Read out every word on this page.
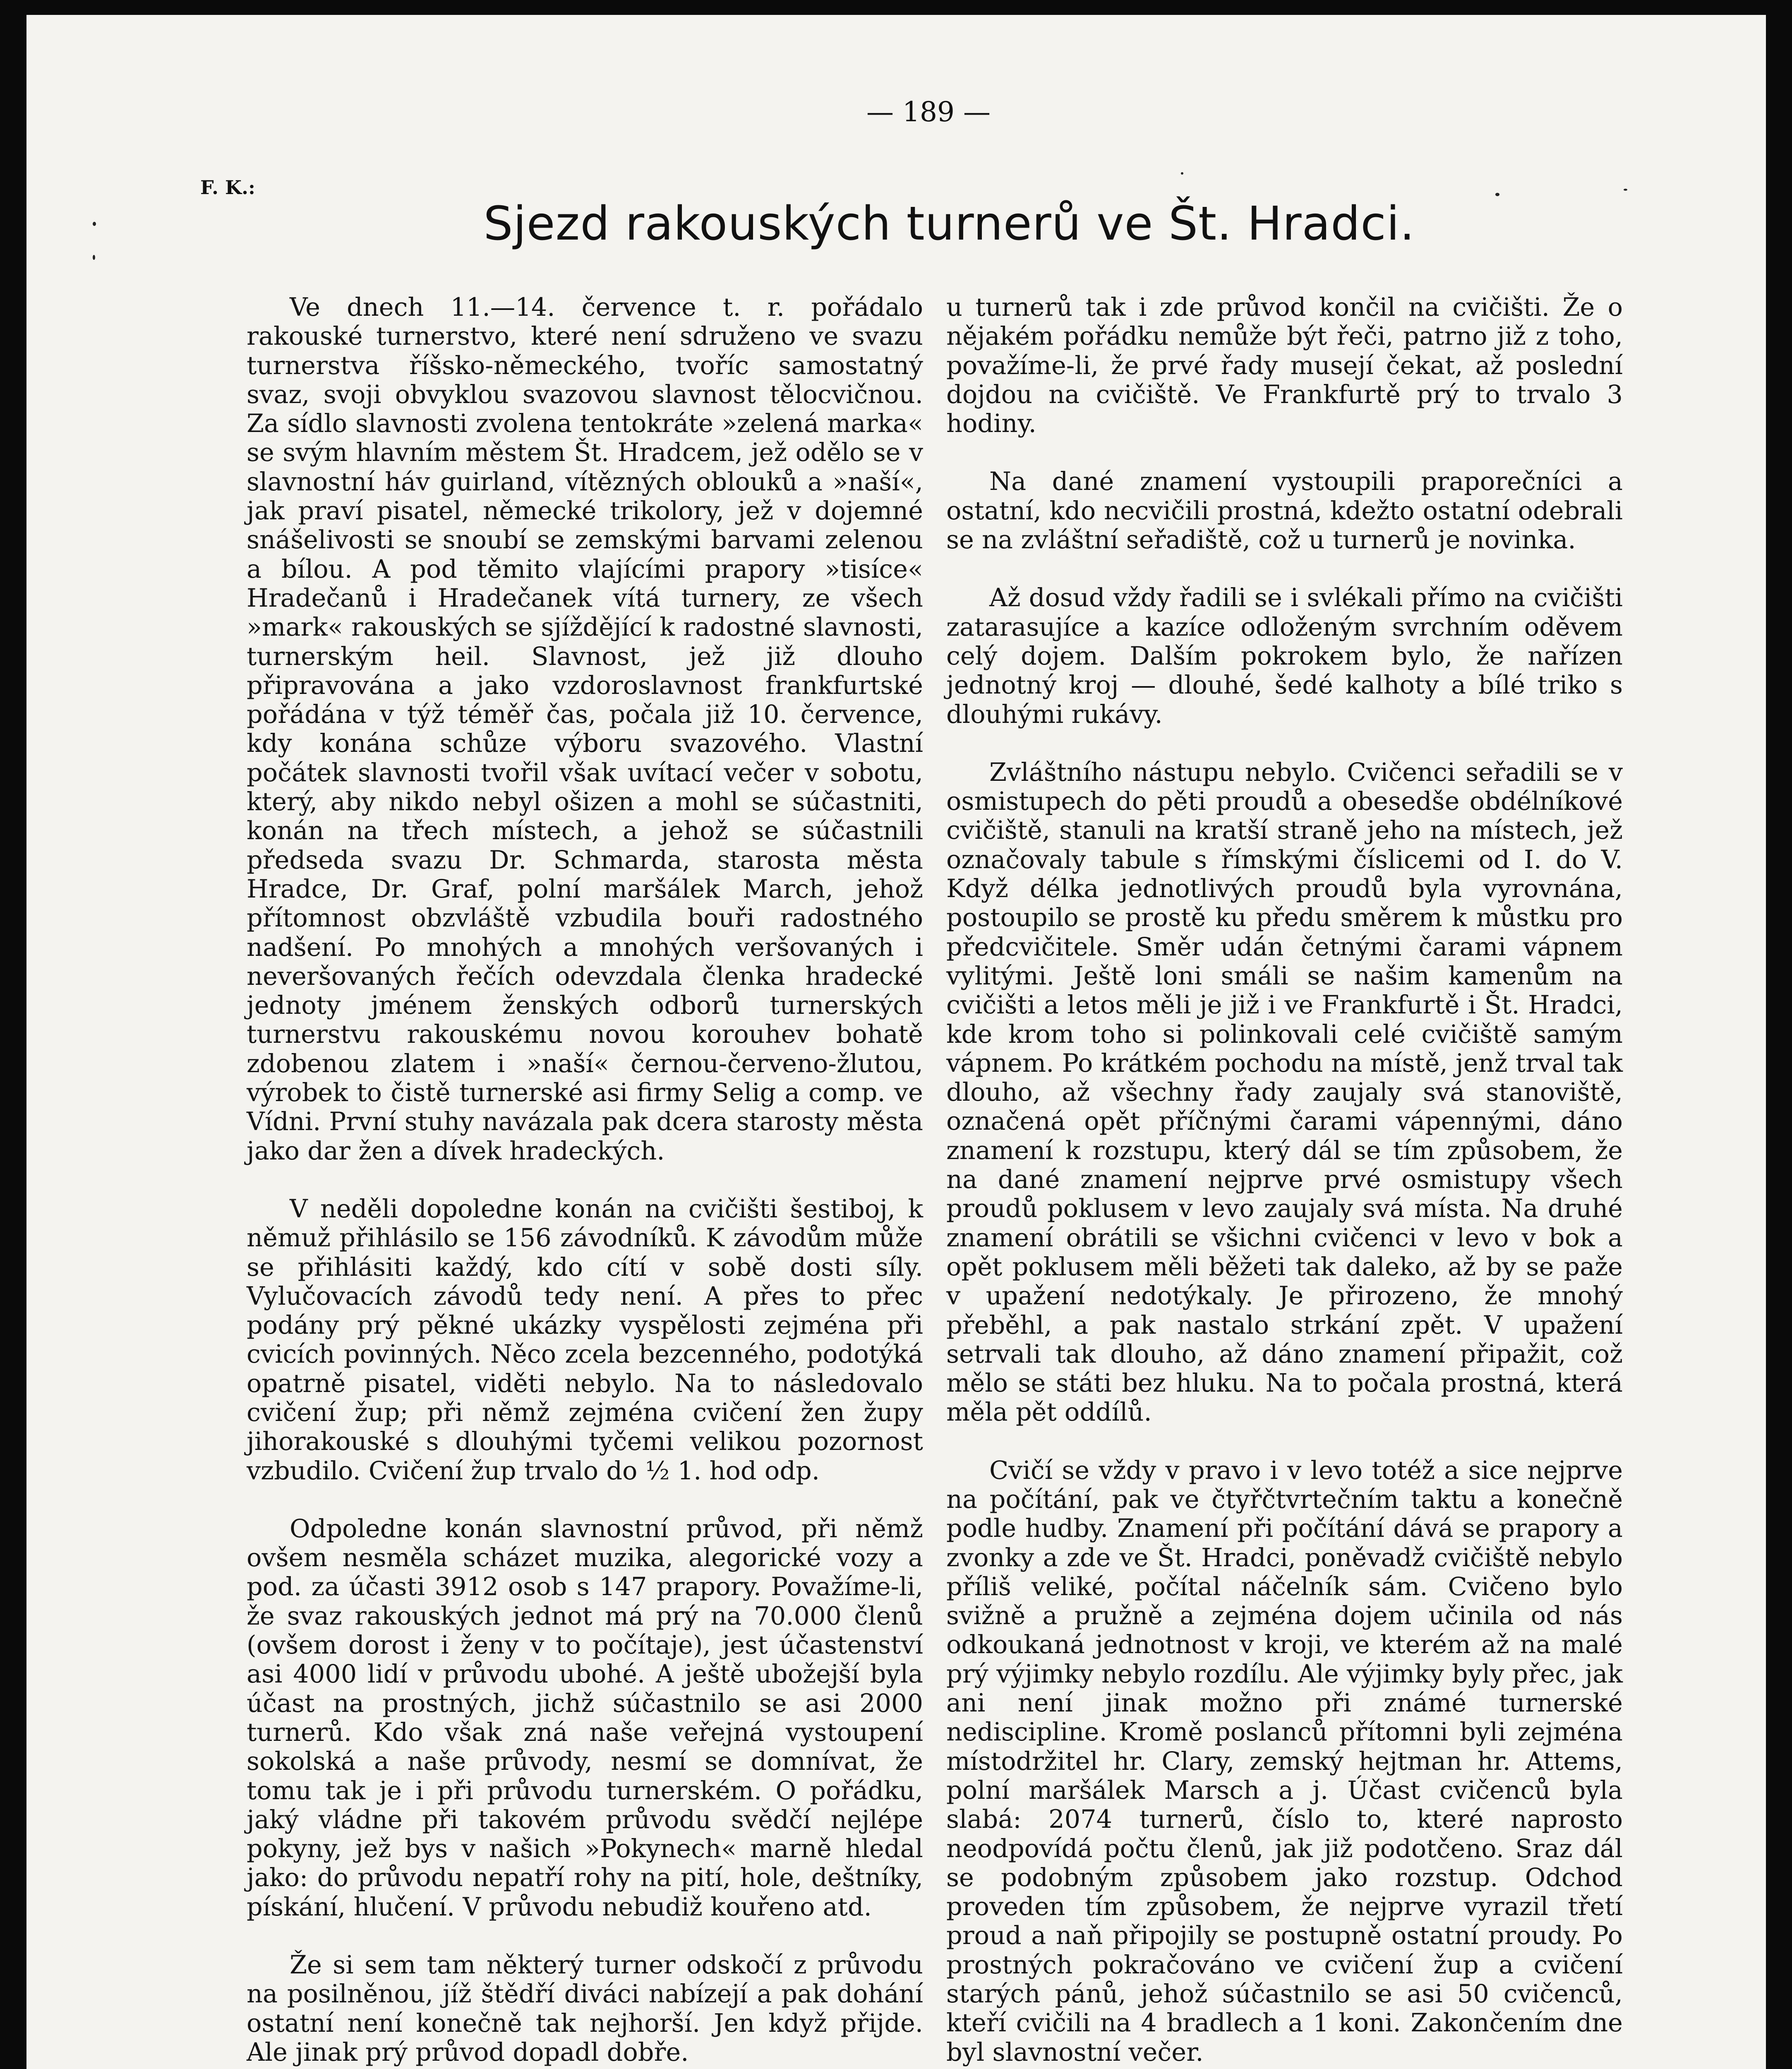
— 189 —
F. K.:
Sjezd rakouských turnerů ve Št. Hradci.

Ve dnech 11.—14. července t. r. pořádalo rakouské turnerstvo, které není sdruženo ve svazu turnerstva říšsko-německého, tvoříc samostatný svaz, svoji obvyklou svazovou slavnost tělocvičnou. Za sídlo slavnosti zvolena tentokráte »zelená marka« se svým hlavním městem Št. Hradcem, jež odělo se v slavnostní háv guirland, vítězných oblouků a »naší«, jak praví pisatel, německé trikolory, jež v dojemné snášelivosti se snoubí se zemskými barvami zelenou a bílou. A pod těmito vlajícími prapory »tisíce« Hradečanů i Hradečanek vítá turnery, ze všech »mark« rakouských se sjíždějící k radostné slavnosti, turnerským heil. Slavnost, jež již dlouho připravována a jako vzdoroslavnost frankfurtské pořádána v týž téměř čas, počala již 10. července, kdy konána schůze výboru svazového. Vlastní počátek slavnosti tvořil však uvítací večer v sobotu, který, aby nikdo nebyl ošizen a mohl se súčastniti, konán na třech místech, a jehož se súčastnili předseda svazu Dr. Schmarda, starosta města Hradce, Dr. Graf, polní maršálek March, jehož přítomnost obzvláště vzbudila bouři radostného nadšení. Po mnohých a mnohých veršovaných i neveršovaných řečích odevzdala členka hradecké jednoty jménem ženských odborů turnerských turnerstvu rakouskému novou korouhev bohatě zdobenou zlatem i »naší« černou-červeno-žlutou, výrobek to čistě turnerské asi firmy Selig a comp. ve Vídni. První stuhy navázala pak dcera starosty města jako dar žen a dívek hradeckých.

V neděli dopoledne konán na cvičišti šestiboj, k němuž přihlásilo se 156 závodníků. K závodům může se přihlásiti každý, kdo cítí v sobě dosti síly. Vylučovacích závodů tedy není. A přes to přec podány prý pěkné ukázky vyspělosti zejména při cvicích povinných. Něco zcela bezcenného, podotýká opatrně pisatel, viděti nebylo. Na to následovalo cvičení žup; při němž zejména cvičení žen župy jihorakouské s dlouhými tyčemi velikou pozornost vzbudilo. Cvičení žup trvalo do ½ 1. hod odp.

Odpoledne konán slavnostní průvod, při němž ovšem nesměla scházet muzika, alegorické vozy a pod. za účasti 3912 osob s 147 prapory. Považíme-li, že svaz rakouských jednot má prý na 70.000 členů (ovšem dorost i ženy v to počítaje), jest účastenství asi 4000 lidí v průvodu ubohé. A ještě ubožejší byla účast na prostných, jichž súčastnilo se asi 2000 turnerů. Kdo však zná naše veřejná vystoupení sokolská a naše průvody, nesmí se domnívat, že tomu tak je i při průvodu turnerském. O pořádku, jaký vládne při takovém průvodu svědčí nejlépe pokyny, jež bys v našich »Pokynech« marně hledal jako: do průvodu nepatří rohy na pití, hole, deštníky, pískání, hlučení. V průvodu nebudiž kouřeno atd.

Že si sem tam některý turner odskočí z průvodu na posilněnou, jíž štědří diváci nabízejí a pak dohání ostatní není konečně tak nejhorší. Jen když přijde. Ale jinak prý průvod dopadl dobře.

u turnerů tak i zde průvod končil na cvičišti. Že o nějakém pořádku nemůže být řeči, patrno již z toho, považíme-li, že prvé řady musejí čekat, až poslední dojdou na cvičiště. Ve Frankfurtě prý to trvalo 3 hodiny.

Na dané znamení vystoupili praporečníci a ostatní, kdo necvičili prostná, kdežto ostatní odebrali se na zvláštní seřadiště, což u turnerů je novinka.

Až dosud vždy řadili se i svlékali přímo na cvičišti zatarasujíce a kazíce odloženým svrchním oděvem celý dojem. Dalším pokrokem bylo, že nařízen jednotný kroj — dlouhé, šedé kalhoty a bílé triko s dlouhými rukávy.

Zvláštního nástupu nebylo. Cvičenci seřadili se v osmistupech do pěti proudů a obesedše obdélníkové cvičiště, stanuli na kratší straně jeho na místech, jež označovaly tabule s římskými číslicemi od I. do V. Když délka jednotlivých proudů byla vyrovnána, postoupilo se prostě ku předu směrem k můstku pro předcvičitele. Směr udán četnými čarami vápnem vylitými. Ještě loni smáli se našim kamenům na cvičišti a letos měli je již i ve Frankfurtě i Št. Hradci, kde krom toho si polinkovali celé cvičiště samým vápnem. Po krátkém pochodu na místě, jenž trval tak dlouho, až všechny řady zaujaly svá stanoviště, označená opět příčnými čarami vápennými, dáno znamení k rozstupu, který dál se tím způsobem, že na dané znamení nejprve prvé osmistupy všech proudů poklusem v levo zaujaly svá místa. Na druhé znamení obrátili se všichni cvičenci v levo v bok a opět poklusem měli běžeti tak daleko, až by se paže v upažení nedotýkaly. Je přirozeno, že mnohý přeběhl, a pak nastalo strkání zpět. V upažení setrvali tak dlouho, až dáno znamení připažit, což mělo se státi bez hluku. Na to počala prostná, která měla pět oddílů.

Cvičí se vždy v pravo i v levo totéž a sice nejprve na počítání, pak ve čtyřčtvrtečním taktu a konečně podle hudby. Znamení při počítání dává se prapory a zvonky a zde ve Št. Hradci, poněvadž cvičiště nebylo příliš veliké, počítal náčelník sám. Cvičeno bylo svižně a pružně a zejména dojem učinila od nás odkoukaná jednotnost v kroji, ve kterém až na malé prý výjimky nebylo rozdílu. Ale výjimky byly přec, jak ani není jinak možno při známé turnerské nediscipline. Kromě poslanců přítomni byli zejména místodržitel hr. Clary, zemský hejtman hr. Attems, polní maršálek Marsch a j. Účast cvičenců byla slabá: 2074 turnerů, číslo to, které naprosto neodpovídá počtu členů, jak již podotčeno. Sraz dál se podobným způsobem jako rozstup. Odchod proveden tím způsobem, že nejprve vyrazil třetí proud a naň připojily se postupně ostatní proudy. Po prostných pokračováno ve cvičení žup a cvičení starých pánů, jehož súčastnilo se asi 50 cvičenců, kteří cvičili na 4 bradlech a 1 koni. Zakončením dne byl slavnostní večer.
